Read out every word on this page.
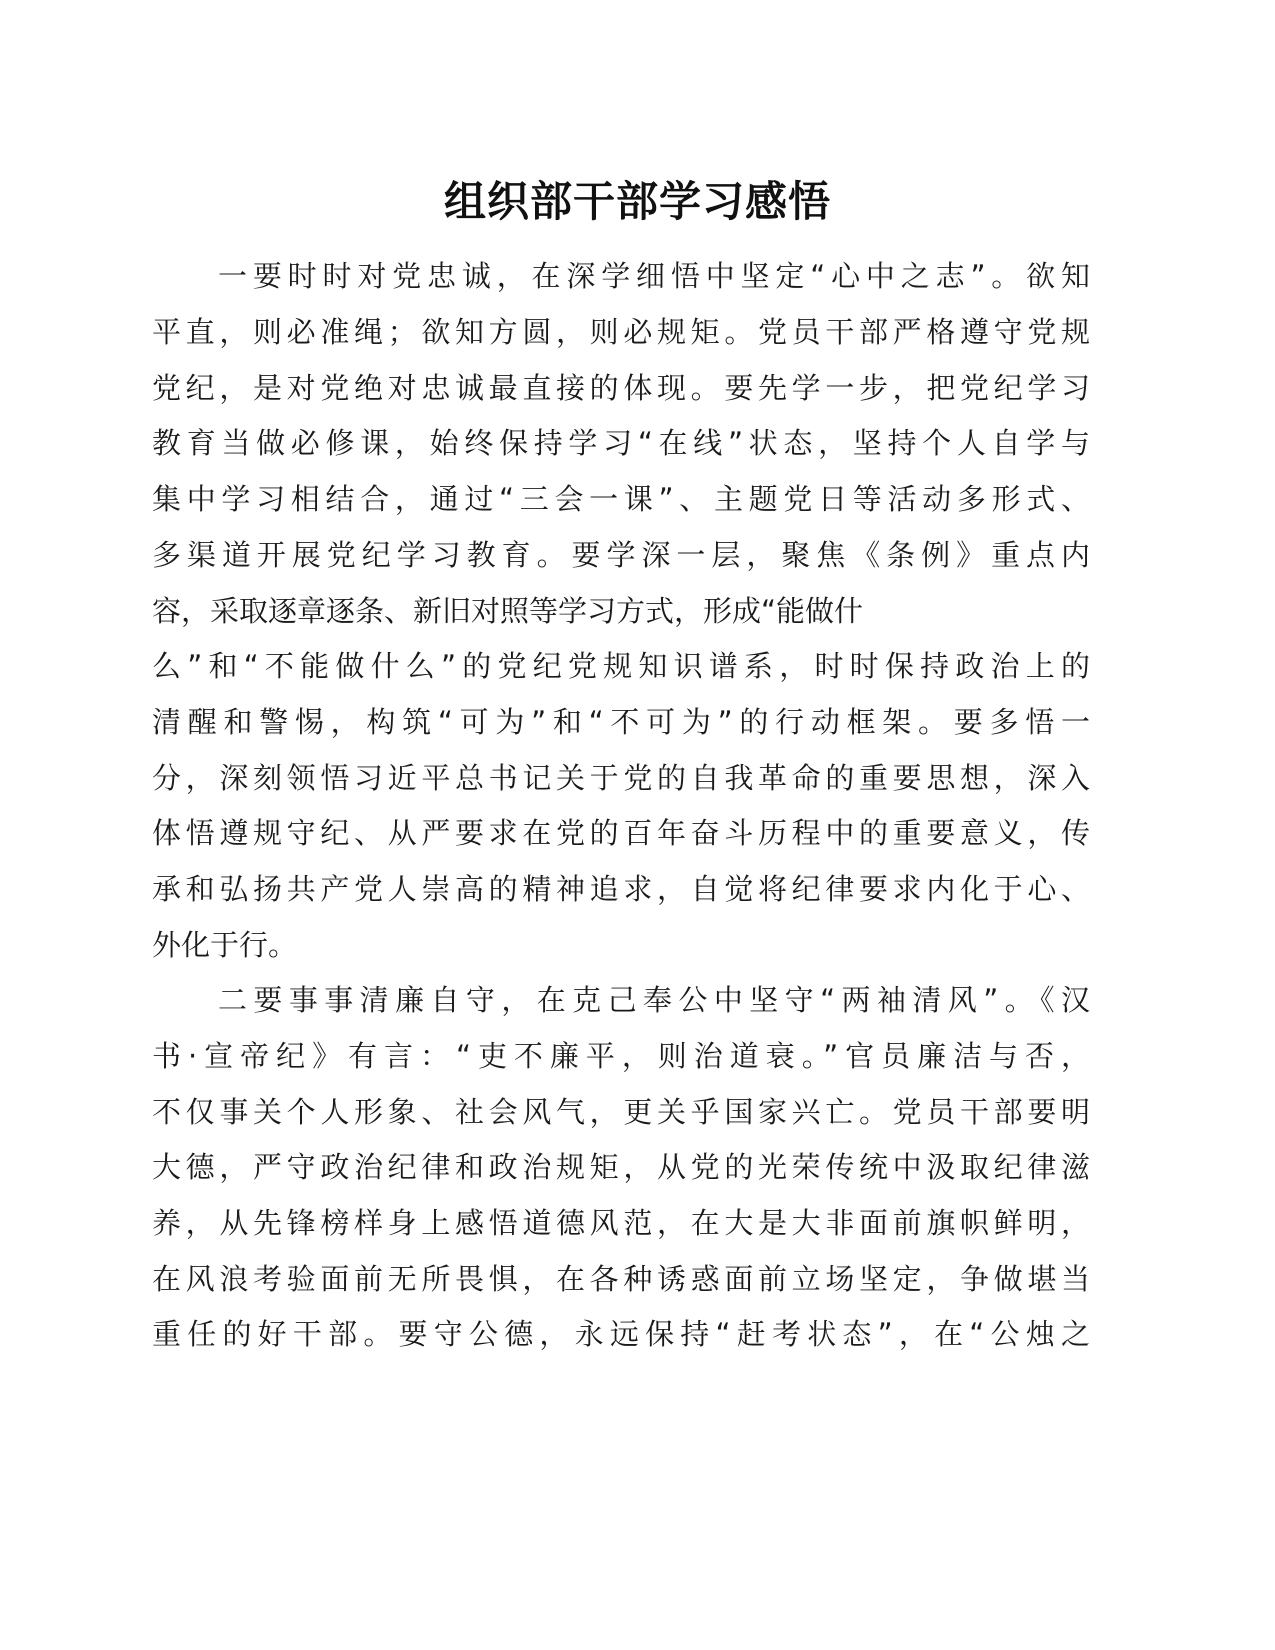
组织部干部学习感悟

一要时时对党忠诚，在深学细悟中坚定“心中之志”。欲知

平直，则必准绳；欲知方圆，则必规矩。党员干部严格遵守党规

党纪，是对党绝对忠诚最直接的体现。要先学一步，把党纪学习

教育当做必修课，始终保持学习“在线”状态，坚持个人自学与

集中学习相结合，通过“三会一课”、主题党日等活动多形式、

多渠道开展党纪学习教育。要学深一层，聚焦《条例》重点内

容，采取逐章逐条、新旧对照等学习方式，形成“能做什

么”和“不能做什么”的党纪党规知识谱系，时时保持政治上的

清醒和警惕，构筑“可为”和“不可为”的行动框架。要多悟一

分，深刻领悟习近平总书记关于党的自我革命的重要思想，深入

体悟遵规守纪、从严要求在党的百年奋斗历程中的重要意义，传

承和弘扬共产党人崇高的精神追求，自觉将纪律要求内化于心、

外化于行。

二要事事清廉自守，在克己奉公中坚守“两袖清风”。《汉

书·宣帝纪》有言：“吏不廉平，则治道衰。”官员廉洁与否，

不仅事关个人形象、社会风气，更关乎国家兴亡。党员干部要明

大德，严守政治纪律和政治规矩，从党的光荣传统中汲取纪律滋

养，从先锋榜样身上感悟道德风范，在大是大非面前旗帜鲜明，

在风浪考验面前无所畏惧，在各种诱惑面前立场坚定，争做堪当

重任的好干部。要守公德，永远保持“赶考状态”，在“公烛之
